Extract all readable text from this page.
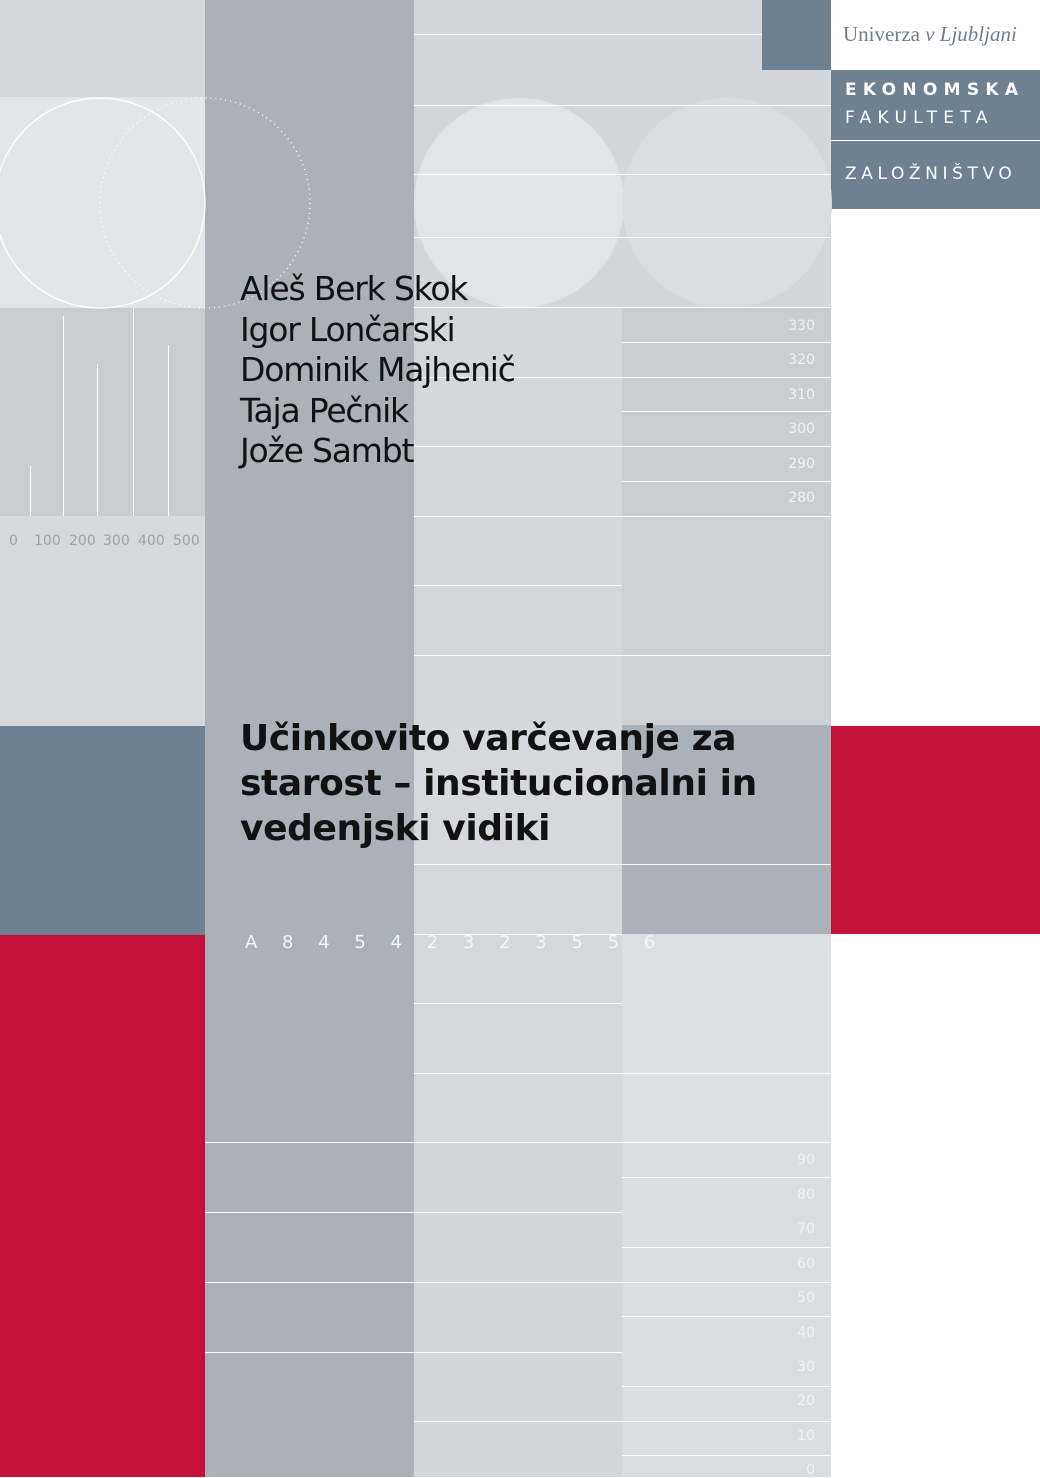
0 100 200 300 400 500
330
320
310
300
290
280
90
80
70
60
50
40
30
20
10
0
Univerza v Ljubljani
EKONOMSKA
FAKULTETA
ZALOŽNIŠTVO
Aleš Berk Skok
Igor Lončarski
Dominik Majhenič
Taja Pečnik
Jože Sambt
Učinkovito varčevanje za starost – institucionalni in vedenjski vidiki
A 8 4 5 4 2 3 2 3 5 5 6
